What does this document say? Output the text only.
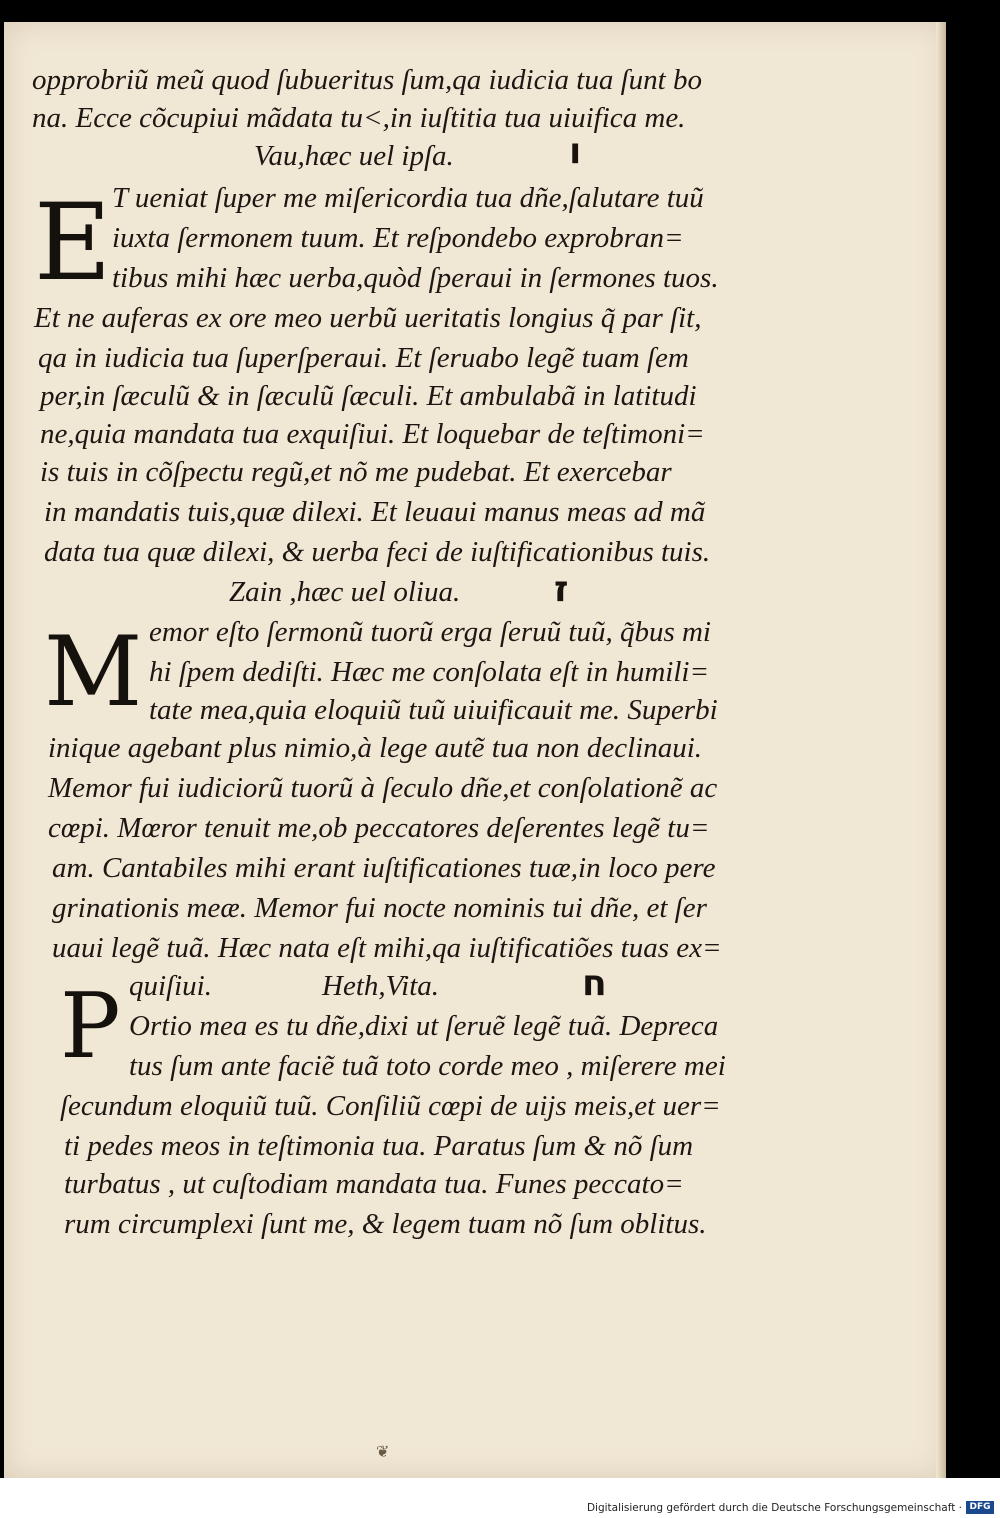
opprobriũ meũ quod ſubueritus ſum,qa iudicia tua ſunt bo
na. Ecce cõcupiui mãdata tu<,in iuſtitia tua uiuifica me.
Vau,hæc uel ipſa.	ו
E T ueniat ſuper me miſericordia tua dñe,ſalutare tuũ
iuxta ſermonem tuum. Et reſpondebo exprobran=
tibus mihi hæc uerba,quòd ſperaui in ſermones tuos.
Et ne auferas ex ore meo uerbũ ueritatis longius q̃ par ſit,
qa in iudicia tua ſuperſperaui. Et ſeruabo legẽ tuam ſem
per,in ſæculũ & in ſæculũ ſæculi. Et ambulabã in latitudi
ne,quia mandata tua exquiſiui. Et loquebar de teſtimoni=
is tuis in cõſpectu regũ,et nõ me pudebat. Et exercebar
in mandatis tuis,quæ dilexi. Et leuaui manus meas ad mã
data tua quæ dilexi, & uerba feci de iuſtificationibus tuis.
Zain ,hæc uel oliua.	ז
M emor eſto ſermonũ tuorũ erga ſeruũ tuũ, q̃bus mi
hi ſpem dediſti. Hæc me conſolata eſt in humili=
tate mea,quia eloquiũ tuũ uiuificauit me. Superbi
inique agebant plus nimio,à lege autẽ tua non declinaui.
Memor fui iudiciorũ tuorũ à ſeculo dñe,et conſolationẽ ac
cœpi. Mœror tenuit me,ob peccatores deſerentes legẽ tu=
am. Cantabiles mihi erant iuſtificationes tuæ,in loco pere
grinationis meæ. Memor fui nocte nominis tui dñe, et ſer
uaui legẽ tuã. Hæc nata eſt mihi,qa iuſtificatiões tuas ex=
P quiſiui.	Heth,Vita.	ח
Ortio mea es tu dñe,dixi ut ſeruẽ legẽ tuã. Depreca
tus ſum ante faciẽ tuã toto corde meo , miſerere mei
ſecundum eloquiũ tuũ. Conſiliũ cœpi de uijs meis,et uer=
ti pedes meos in teſtimonia tua. Paratus ſum & nõ ſum
turbatus , ut cuſtodiam mandata tua. Funes peccato=
rum circumplexi ſunt me, & legem tuam nõ ſum oblitus.
❦
Digitalisierung gefördert durch die Deutsche Forschungsgemeinschaft · DFG
